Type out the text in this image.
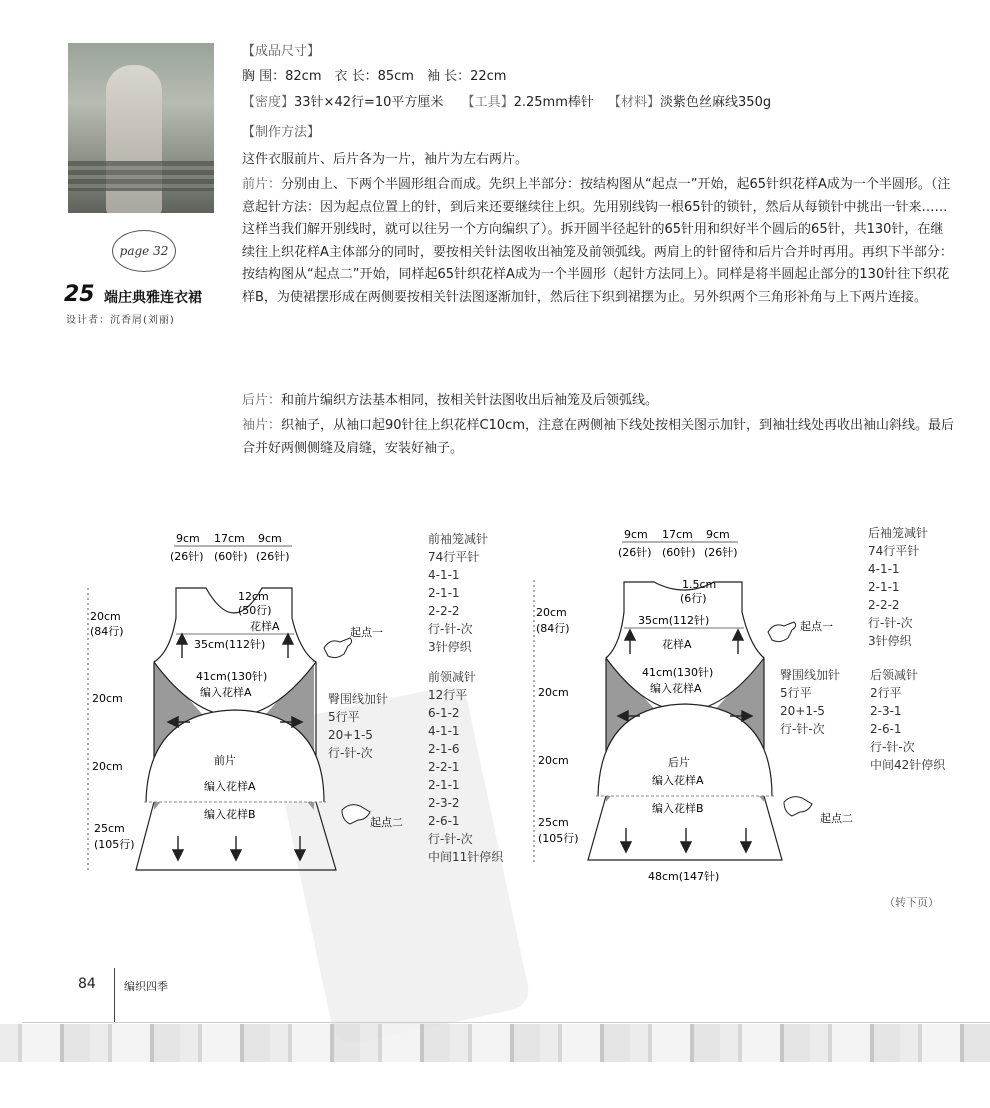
page 32
25 端庄典雅连衣裙
设计者：沉香屑(刘丽)
【成品尺寸】
胸 围：82cm　衣 长：85cm　袖 长：22cm
【密度】33针×42行=10平方厘米 【工具】2.25mm棒针 【材料】淡紫色丝麻线350g
【制作方法】
这件衣服前片、后片各为一片，袖片为左右两片。
前片：分别由上、下两个半圆形组合而成。先织上半部分：按结构图从“起点一”开始，起65针织花样A成为一个半圆形。（注意起针方法：因为起点位置上的针，到后来还要继续往上织。先用别线钩一根65针的锁针，然后从每锁针中挑出一针来……这样当我们解开别线时，就可以往另一个方向编织了）。拆开圆半径起针的65针用和织好半个圆后的65针，共130针，在继续往上织花样A主体部分的同时，要按相关针法图收出袖笼及前领弧线。两肩上的针留待和后片合并时再用。再织下半部分：按结构图从“起点二”开始，同样起65针织花样A成为一个半圆形（起针方法同上）。同样是将半圆起止部分的130针往下织花样B，为使裙摆形成在两侧要按相关针法图逐渐加针，然后往下织到裙摆为止。另外织两个三角形补角与上下两片连接。
后片：和前片编织方法基本相同，按相关针法图收出后袖笼及后领弧线。
袖片：织袖子，从袖口起90针往上织花样C10cm，注意在两侧袖下线处按相关图示加针，到袖壮线处再收出袖山斜线。最后合并好两侧侧缝及肩缝，安装好袖子。
9cm 17cm 9cm
(26针) (60针) (26针)
20cm
(84行)
20cm
20cm
25cm
(105行)
12cm
(50行)
花样A
35cm(112针)
41cm(130针)
编入花样A
前片
编入花样A
编入花样B
起点一
起点二
前袖笼减针
74行平针
4-1-1
2-1-1
2-2-2
行-针-次
3针停织
臀围线加针
5行平
20+1-5
行-针-次
前领减针
12行平
6-1-2
4-1-1
2-1-6
2-2-1
2-1-1
2-3-2
2-6-1
行-针-次
中间11针停织
9cm 17cm 9cm
(26针) (60针) (26针)
20cm
(84行)
20cm
20cm
25cm
(105行)
1.5cm
(6行)
35cm(112针)
花样A
41cm(130针)
编入花样A
后片
编入花样A
编入花样B
48cm(147针)
起点一
起点二
后袖笼减针
74行平针
4-1-1
2-1-1
2-2-2
行-针-次
3针停织
臀围线加针
5行平
20+1-5
行-针-次
后领减针
2行平
2-3-1
2-6-1
行-针-次
中间42针停织
（转下页）
84	编织四季
